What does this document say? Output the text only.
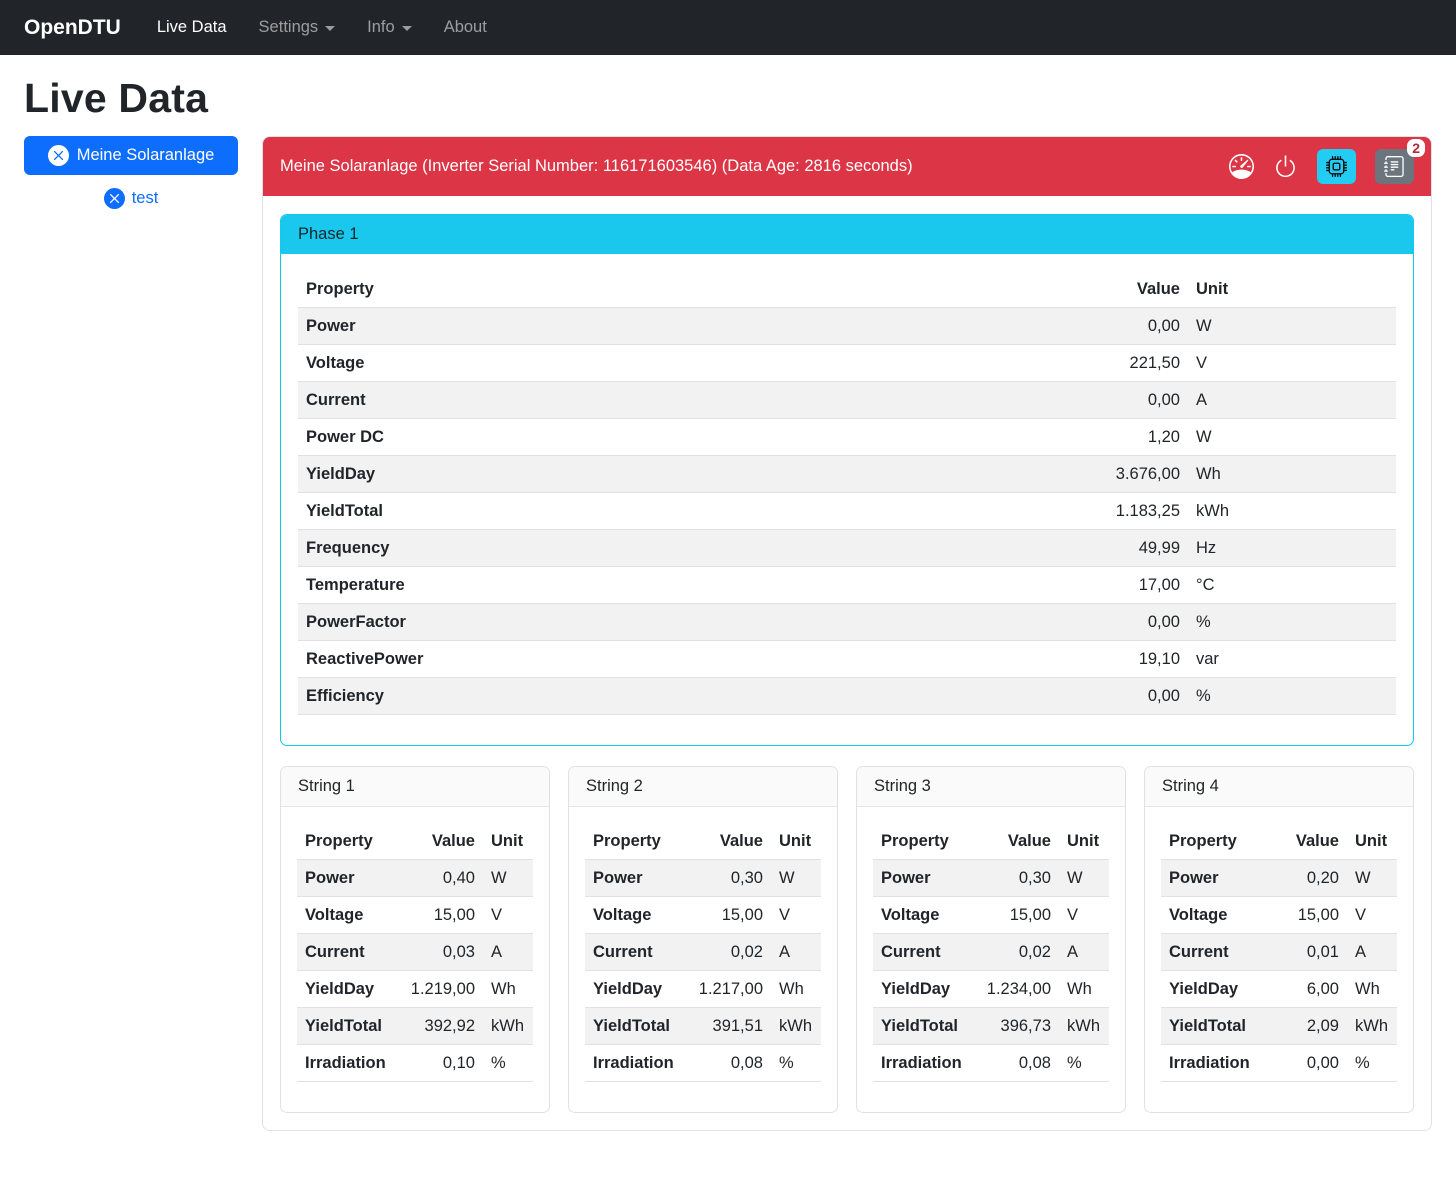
OpenDTU Live Data Settings	Info	About
Live Data
Meine Solaranlage
test
Meine Solaranlage (Inverter Serial Number: 116171603546) (Data Age: 2816 seconds)
2
Phase 1
Property	Value	Unit
Power	0,00	W
Voltage	221,50	V
Current	0,00	A
Power DC	1,20	W
YieldDay	3.676,00	Wh
YieldTotal	1.183,25	kWh
Frequency	49,99	Hz
Temperature	17,00	°C
PowerFactor	0,00	%
ReactivePower	19,10	var
Efficiency	0,00	%
String 1
Property	Value	Unit
Power	0,40	W
Voltage	15,00	V
Current	0,03	A
YieldDay	1.219,00	Wh
YieldTotal	392,92	kWh
Irradiation	0,10	%
String 2
Property	Value	Unit
Power	0,30	W
Voltage	15,00	V
Current	0,02	A
YieldDay	1.217,00	Wh
YieldTotal	391,51	kWh
Irradiation	0,08	%
String 3
Property	Value	Unit
Power	0,30	W
Voltage	15,00	V
Current	0,02	A
YieldDay	1.234,00	Wh
YieldTotal	396,73	kWh
Irradiation	0,08	%
String 4
Property	Value	Unit
Power	0,20	W
Voltage	15,00	V
Current	0,01	A
YieldDay	6,00	Wh
YieldTotal	2,09	kWh
Irradiation	0,00	%
